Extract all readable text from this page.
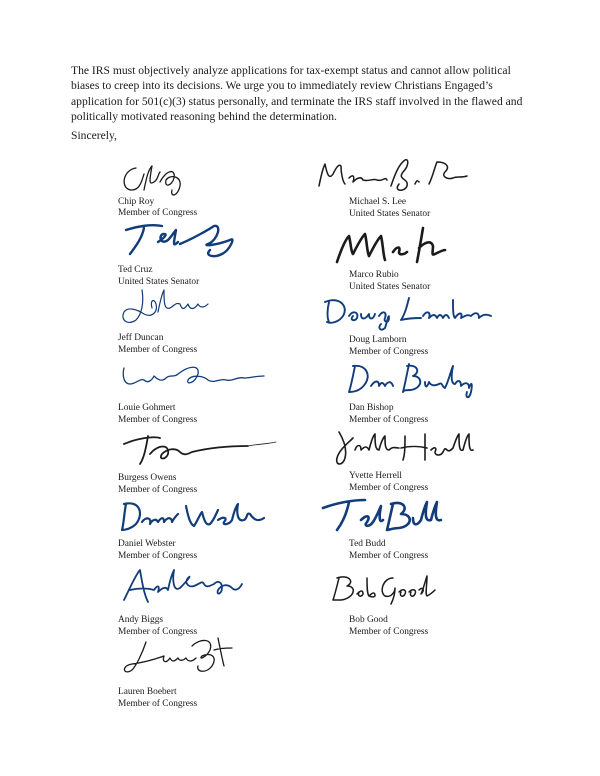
The IRS must objectively analyze applications for tax-exempt status and cannot allow political biases to creep into its decisions. We urge you to immediately review Christians Engaged’s application for 501(c)(3) status personally, and terminate the IRS staff involved in the flawed and politically motivated reasoning behind the determination.

Sincerely,

Chip Roy
Member of Congress
Ted Cruz
United States Senator
Jeff Duncan
Member of Congress
Louie Gohmert
Member of Congress
Burgess Owens
Member of Congress
Daniel Webster
Member of Congress
Andy Biggs
Member of Congress
Lauren Boebert
Member of Congress
Michael S. Lee
United States Senator
Marco Rubio
United States Senator
Doug Lamborn
Member of Congress
Dan Bishop
Member of Congress
Yvette Herrell
Member of Congress
Ted Budd
Member of Congress
Bob Good
Member of Congress
